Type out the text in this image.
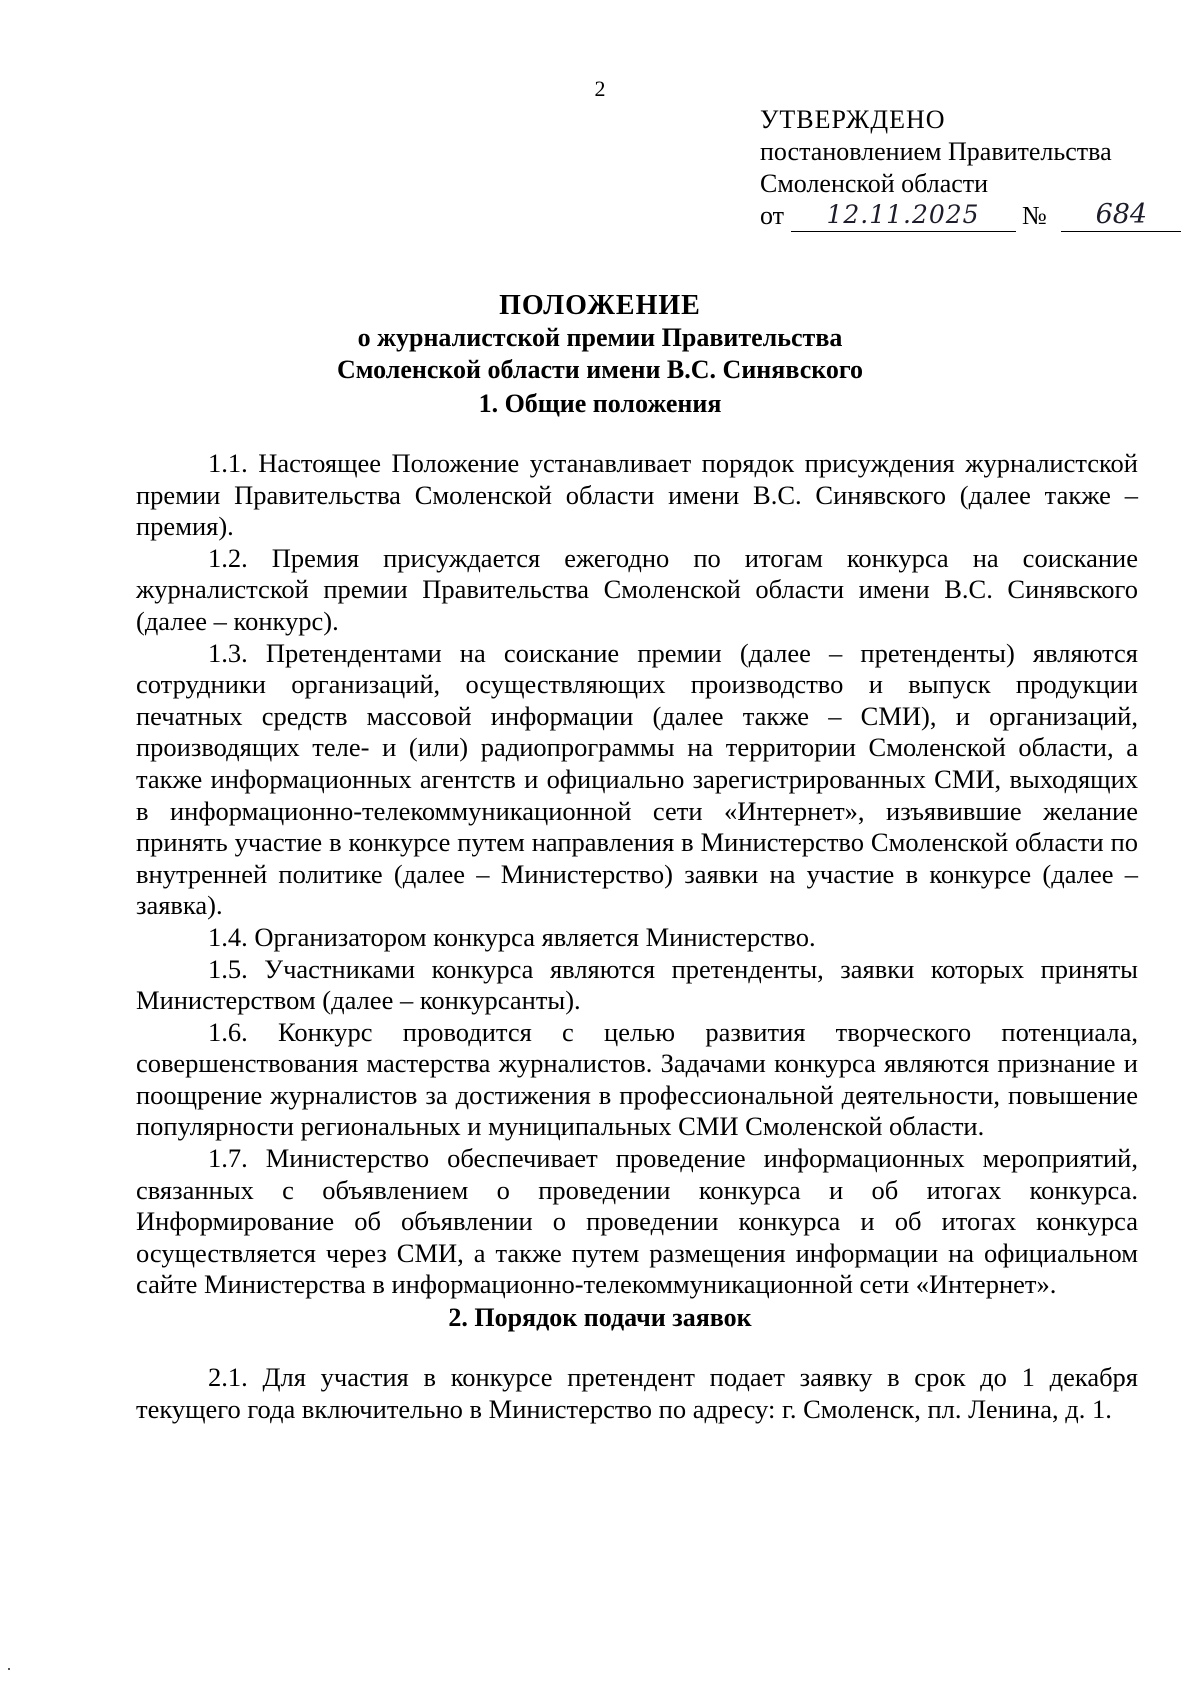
2
УТВЕРЖДЕНО
постановлением Правительства
Смоленской области
от 12.11.2025 № 684
ПОЛОЖЕНИЕ
о журналистской премии Правительства
Смоленской области имени В.С. Синявского
1. Общие положения

1.1. Настоящее Положение устанавливает порядок присуждения журналистской премии Правительства Смоленской области имени В.С. Синявского (далее также – премия).

1.2. Премия присуждается ежегодно по итогам конкурса на соискание журналистской премии Правительства Смоленской области имени В.С. Синявского (далее – конкурс).

1.3. Претендентами на соискание премии (далее – претенденты) являются сотрудники организаций, осуществляющих производство и выпуск продукции печатных средств массовой информации (далее также – СМИ), и организаций, производящих теле- и (или) радиопрограммы на территории Смоленской области, а также информационных агентств и официально зарегистрированных СМИ, выходящих в информационно-телекоммуникационной сети «Интернет», изъявившие желание принять участие в конкурсе путем направления в Министерство Смоленской области по внутренней политике (далее – Министерство) заявки на участие в конкурсе (далее – заявка).

1.4. Организатором конкурса является Министерство.

1.5. Участниками конкурса являются претенденты, заявки которых приняты Министерством (далее – конкурсанты).

1.6. Конкурс проводится с целью развития творческого потенциала, совершенствования мастерства журналистов. Задачами конкурса являются признание и поощрение журналистов за достижения в профессиональной деятельности, повышение популярности региональных и муниципальных СМИ Смоленской области.

1.7. Министерство обеспечивает проведение информационных мероприятий, связанных с объявлением о проведении конкурса и об итогах конкурса. Информирование об объявлении о проведении конкурса и об итогах конкурса осуществляется через СМИ, а также путем размещения информации на официальном сайте Министерства в информационно-телекоммуникационной сети «Интернет».

2. Порядок подачи заявок

2.1. Для участия в конкурсе претендент подает заявку в срок до 1 декабря текущего года включительно в Министерство по адресу: г. Смоленск, пл. Ленина, д. 1.
